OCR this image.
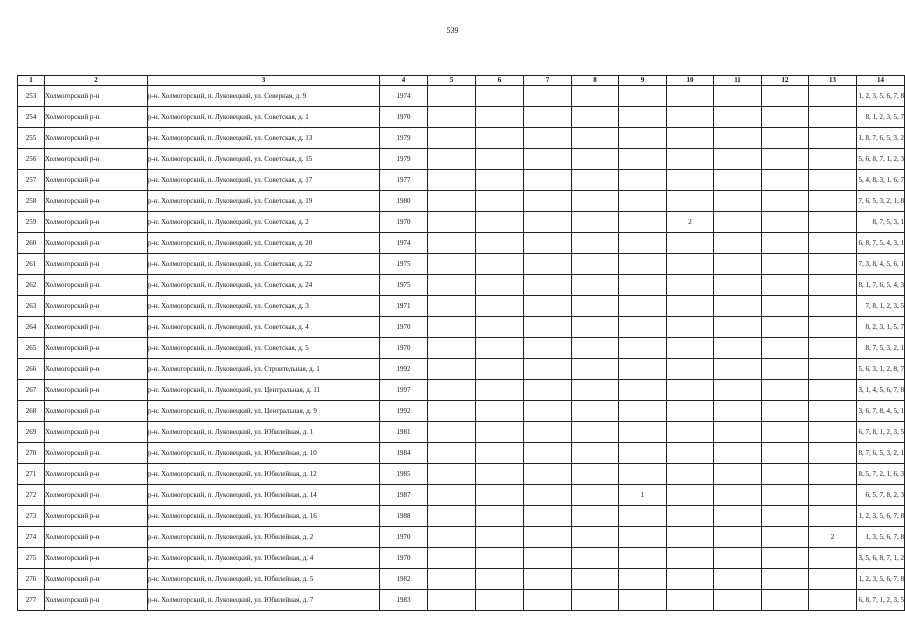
539
1	2	3	4	5	6	7	8	9	10	11	12	13	14
253	Холмогорский р-н	р-н. Холмогорский, п. Луковецкий, ул. Северная, д. 9	1974										1, 2, 3, 5, 6, 7, 8
254	Холмогорский р-н	р-н. Холмогорский, п. Луковецкий, ул. Советская, д. 1	1970										8, 1, 2, 3, 5, 7
255	Холмогорский р-н	р-н. Холмогорский, п. Луковецкий, ул. Советская, д. 13	1979										1, 8, 7, 6, 5, 3, 2
256	Холмогорский р-н	р-н. Холмогорский, п. Луковецкий, ул. Советская, д. 15	1979										5, 6, 8, 7, 1, 2, 3
257	Холмогорский р-н	р-н. Холмогорский, п. Луковецкий, ул. Советская, д. 17	1977										5, 4, 8, 3, 1, 6, 7
258	Холмогорский р-н	р-н. Холмогорский, п. Луковецкий, ул. Советская, д. 19	1980										7, 6, 5, 3, 2, 1, 8
259	Холмогорский р-н	р-н. Холмогорский, п. Луковецкий, ул. Советская, д. 2	1970						2				8, 7, 5, 3, 1
260	Холмогорский р-н	р-н. Холмогорский, п. Луковецкий, ул. Советская, д. 20	1974										6, 8, 7, 5, 4, 3, 1
261	Холмогорский р-н	р-н. Холмогорский, п. Луковецкий, ул. Советская, д. 22	1975										7, 3, 8, 4, 5, 6, 1
262	Холмогорский р-н	р-н. Холмогорский, п. Луковецкий, ул. Советская, д. 24	1975										8, 1, 7, 6, 5, 4, 3
263	Холмогорский р-н	р-н. Холмогорский, п. Луковецкий, ул. Советская, д. 3	1971										7, 8, 1, 2, 3, 5
264	Холмогорский р-н	р-н. Холмогорский, п. Луковецкий, ул. Советская, д. 4	1970										8, 2, 3, 1, 5, 7
265	Холмогорский р-н	р-н. Холмогорский, п. Луковецкий, ул. Советская, д. 5	1970										8, 7, 5, 3, 2, 1
266	Холмогорский р-н	р-н. Холмогорский, п. Луковецкий, ул. Строительная, д. 1	1992										5, 6, 3, 1, 2, 8, 7
267	Холмогорский р-н	р-н. Холмогорский, п. Луковецкий, ул. Центральная, д. 11	1997										3, 1, 4, 5, 6, 7, 8
268	Холмогорский р-н	р-н. Холмогорский, п. Луковецкий, ул. Центральная, д. 9	1992										3, 6, 7, 8, 4, 5, 1
269	Холмогорский р-н	р-н. Холмогорский, п. Луковецкий, ул. Юбилейная, д. 1	1981										6, 7, 8, 1, 2, 3, 5
270	Холмогорский р-н	р-н. Холмогорский, п. Луковецкий, ул. Юбилейная, д. 10	1984										8, 7, 6, 5, 3, 2, 1
271	Холмогорский р-н	р-н. Холмогорский, п. Луковецкий, ул. Юбилейная, д. 12	1985										8, 5, 7, 2, 1, 6, 3
272	Холмогорский р-н	р-н. Холмогорский, п. Луковецкий, ул. Юбилейная, д. 14	1987					1					6, 5, 7, 8, 2, 3
273	Холмогорский р-н	р-н. Холмогорский, п. Луковецкий, ул. Юбилейная, д. 16	1988										1, 2, 3, 5, 6, 7, 8
274	Холмогорский р-н	р-н. Холмогорский, п. Луковецкий, ул. Юбилейная, д. 2	1970									2	1, 3, 5, 6, 7, 8
275	Холмогорский р-н	р-н. Холмогорский, п. Луковецкий, ул. Юбилейная, д. 4	1970										3, 5, 6, 8, 7, 1, 2
276	Холмогорский р-н	р-н. Холмогорский, п. Луковецкий, ул. Юбилейная, д. 5	1982										1, 2, 3, 5, 6, 7, 8
277	Холмогорский р-н	р-н. Холмогорский, п. Луковецкий, ул. Юбилейная, д. 7	1983										6, 8, 7, 1, 2, 3, 5
